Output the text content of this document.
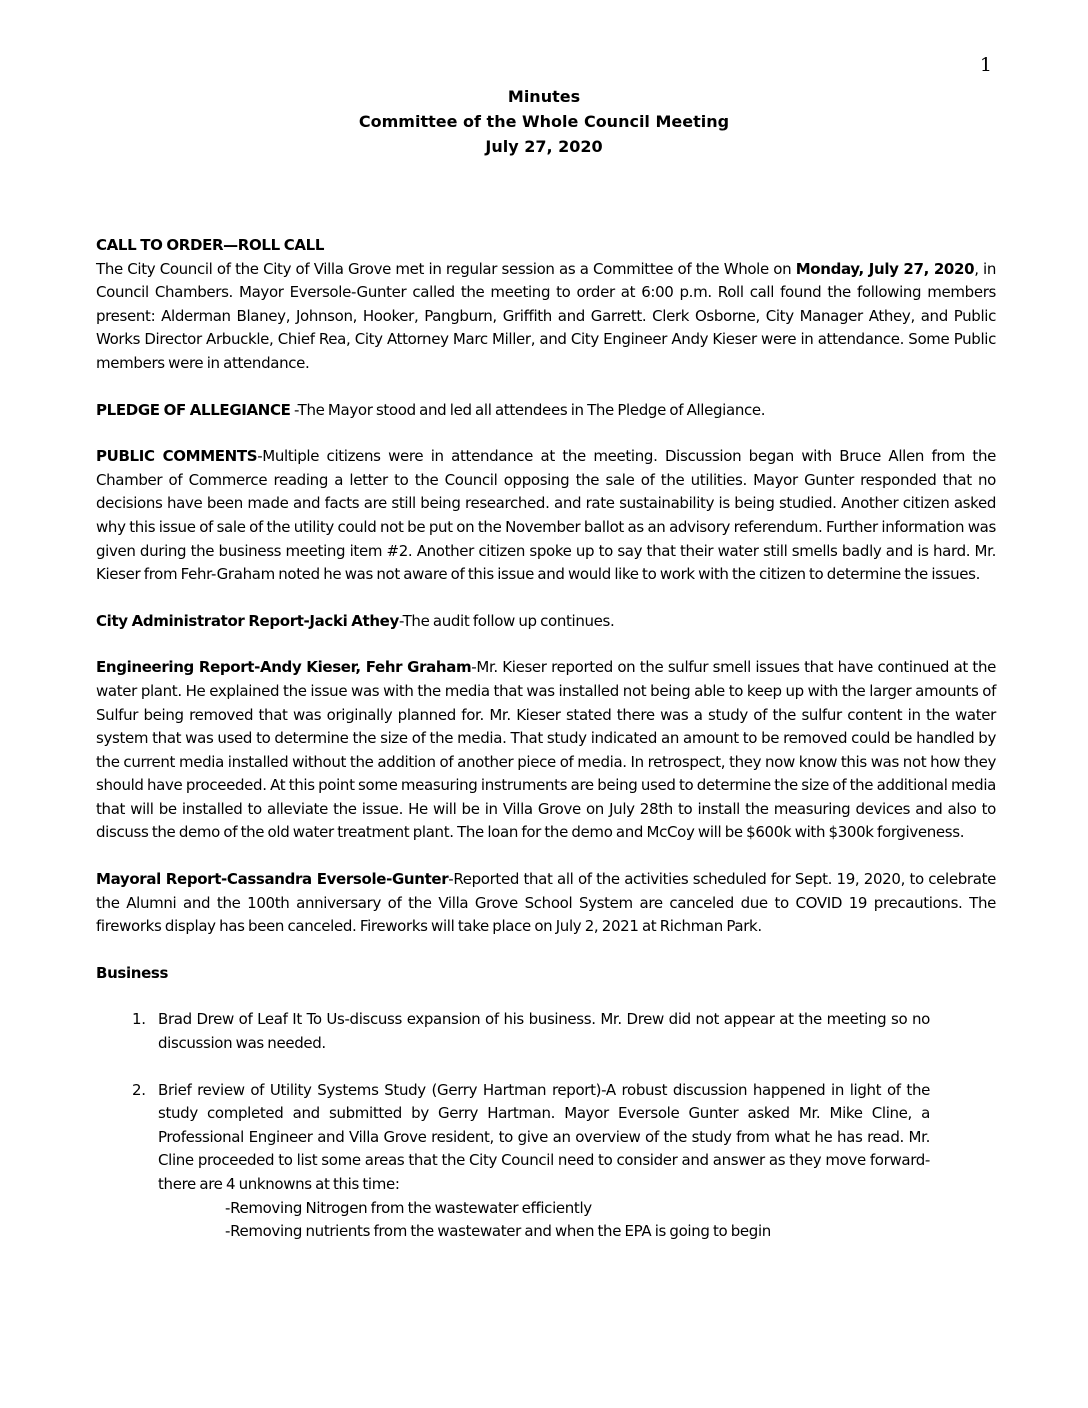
1
Minutes
Committee of the Whole Council Meeting
July 27, 2020
CALL TO ORDER—ROLL CALL

The City Council of the City of Villa Grove met in regular session as a Committee of the Whole on Monday, July 27, 2020, in Council Chambers. Mayor Eversole-Gunter called the meeting to order at 6:00 p.m. Roll call found the following members present: Alderman Blaney, Johnson, Hooker, Pangburn, Griffith and Garrett. Clerk Osborne, City Manager Athey, and Public Works Director Arbuckle, Chief Rea, City Attorney Marc Miller, and City Engineer Andy Kieser were in attendance. Some Public members were in attendance.

PLEDGE OF ALLEGIANCE -The Mayor stood and led all attendees in The Pledge of Allegiance.

PUBLIC COMMENTS-Multiple citizens were in attendance at the meeting. Discussion began with Bruce Allen from the Chamber of Commerce reading a letter to the Council opposing the sale of the utilities. Mayor Gunter responded that no decisions have been made and facts are still being researched. and rate sustainability is being studied. Another citizen asked why this issue of sale of the utility could not be put on the November ballot as an advisory referendum. Further information was given during the business meeting item #2. Another citizen spoke up to say that their water still smells badly and is hard. Mr. Kieser from Fehr-Graham noted he was not aware of this issue and would like to work with the citizen to determine the issues.

City Administrator Report-Jacki Athey-The audit follow up continues.

Engineering Report-Andy Kieser, Fehr Graham-Mr. Kieser reported on the sulfur smell issues that have continued at the water plant. He explained the issue was with the media that was installed not being able to keep up with the larger amounts of Sulfur being removed that was originally planned for. Mr. Kieser stated there was a study of the sulfur content in the water system that was used to determine the size of the media. That study indicated an amount to be removed could be handled by the current media installed without the addition of another piece of media. In retrospect, they now know this was not how they should have proceeded. At this point some measuring instruments are being used to determine the size of the additional media that will be installed to alleviate the issue. He will be in Villa Grove on July 28th to install the measuring devices and also to discuss the demo of the old water treatment plant. The loan for the demo and McCoy will be $600k with $300k forgiveness.

Mayoral Report-Cassandra Eversole-Gunter-Reported that all of the activities scheduled for Sept. 19, 2020, to celebrate the Alumni and the 100th anniversary of the Villa Grove School System are canceled due to COVID 19 precautions. The fireworks display has been canceled. Fireworks will take place on July 2, 2021 at Richman Park.

Business
1. Brad Drew of Leaf It To Us-discuss expansion of his business. Mr. Drew did not appear at the meeting so no discussion was needed.
2. Brief review of Utility Systems Study (Gerry Hartman report)-A robust discussion happened in light of the study completed and submitted by Gerry Hartman. Mayor Eversole Gunter asked Mr. Mike Cline, a Professional Engineer and Villa Grove resident, to give an overview of the study from what he has read. Mr. Cline proceeded to list some areas that the City Council need to consider and answer as they move forward-there are 4 unknowns at this time:
-Removing Nitrogen from the wastewater efficiently
-Removing nutrients from the wastewater and when the EPA is going to begin
